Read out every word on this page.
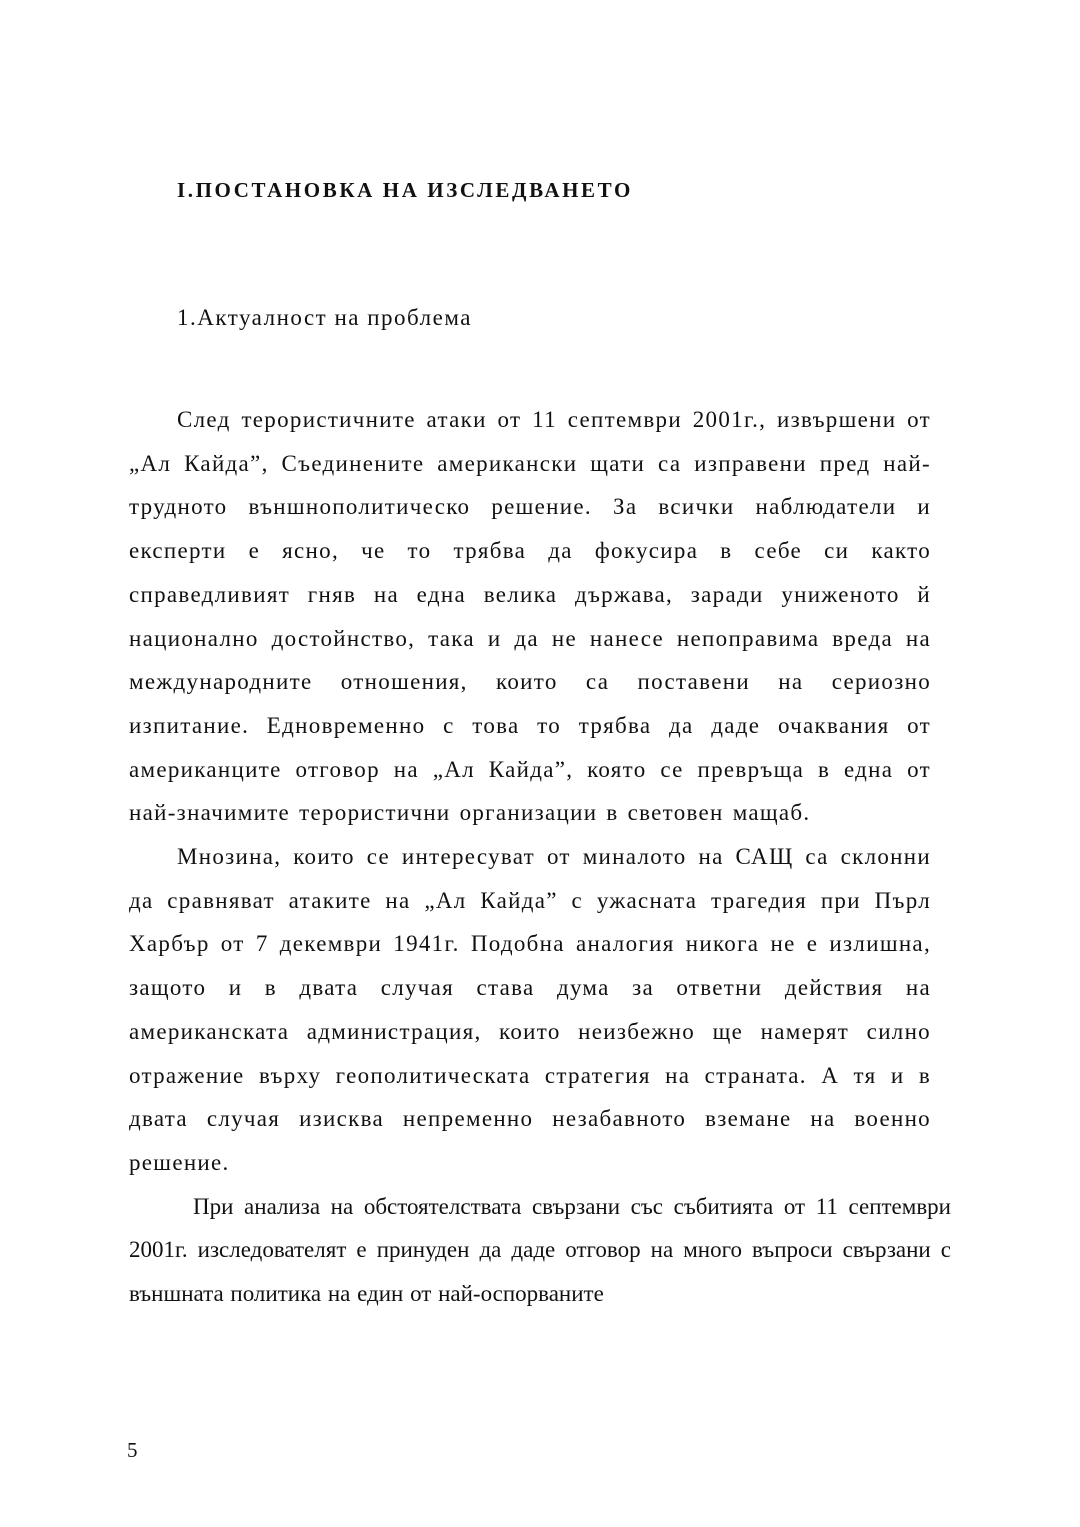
I.ПОСТАНОВКА НА ИЗСЛЕДВАНЕТО
1.Актуалност на проблема

След терористичните атаки от 11 септември 2001г., извършени от „Ал Кайда”, Съединените американски щати са изправени пред най-трудното външнополитическо решение. За всички наблюдатели и експерти е ясно, че то трябва да фокусира в себе си както справедливият гняв на една велика държава, заради униженото й национално достойнство, така и да не нанесе непоправима вреда на международните отношения, които са поставени на сериозно изпитание. Едновременно с това то трябва да даде очаквания от американците отговор на „Ал Кайда”, която се превръща в една от най-значимите терористични организации в световен мащаб.

Мнозина, които се интересуват от миналото на САЩ са склонни да сравняват атаките на „Ал Кайда” с ужасната трагедия при Пърл Харбър от 7 декември 1941г. Подобна аналогия никога не е излишна, защото и в двата случая става дума за ответни действия на американската администрация, които неизбежно ще намерят силно отражение върху геополитическата стратегия на страната. А тя и в двата случая изисква непременно незабавното вземане на военно решение.

При анализа на обстоятелствата свързани със събитията от 11 септември 2001г. изследователят е принуден да даде отговор на много въпроси свързани с външната политика на един от най-оспорваните

5
